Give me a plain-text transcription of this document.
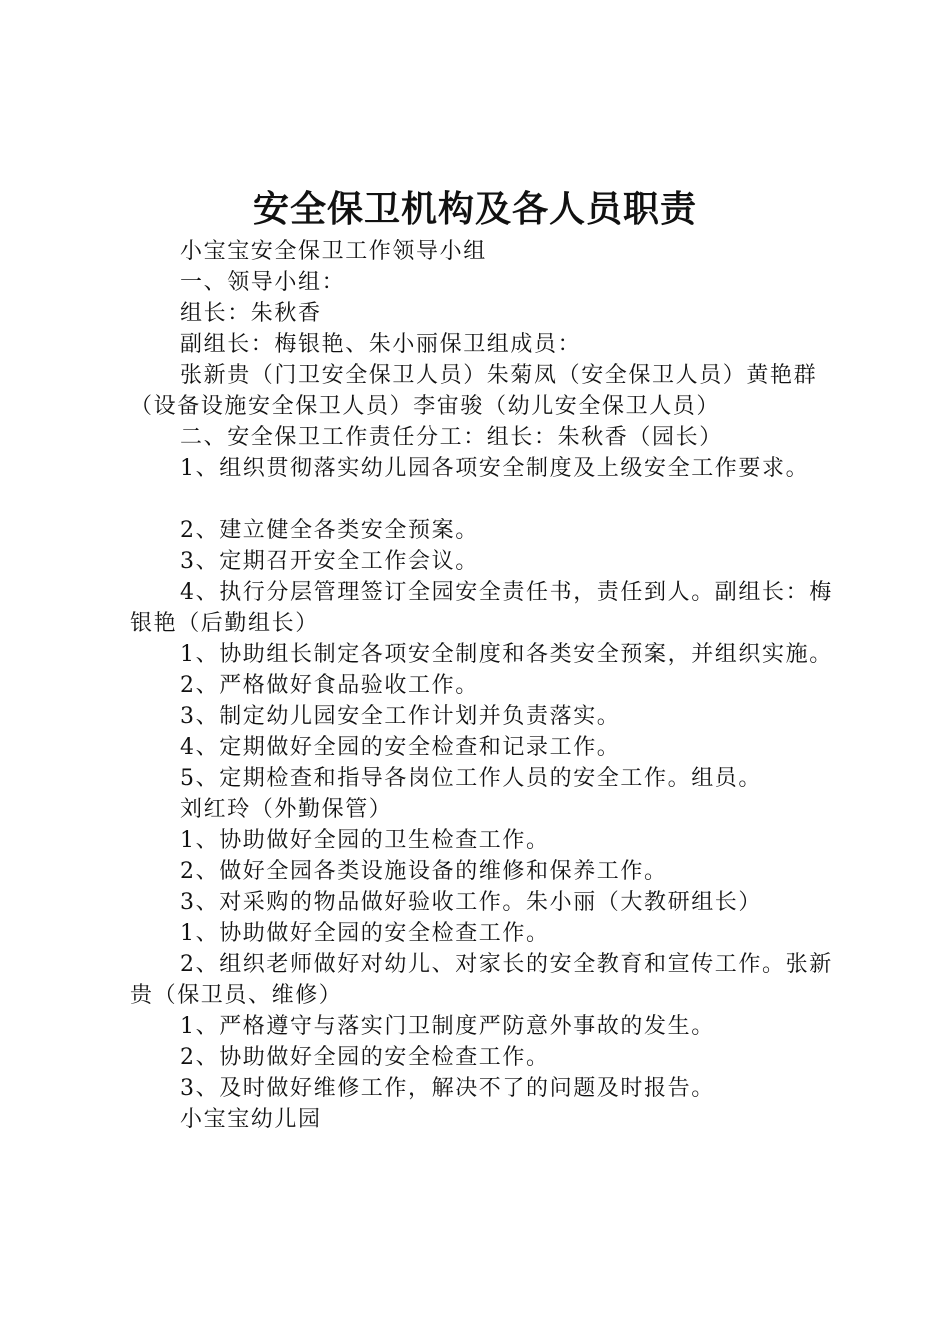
安全保卫机构及各人员职责

小宝宝安全保卫工作领导小组

一、领导小组：

组长：朱秋香

副组长：梅银艳、朱小丽保卫组成员：

张新贵（门卫安全保卫人员）朱菊凤（安全保卫人员）黄艳群（设备设施安全保卫人员）李宙骏（幼儿安全保卫人员）

二、安全保卫工作责任分工：组长：朱秋香（园长）

1、组织贯彻落实幼儿园各项安全制度及上级安全工作要求。

2、建立健全各类安全预案。

3、定期召开安全工作会议。

4、执行分层管理签订全园安全责任书，责任到人。副组长：梅银艳（后勤组长）

1、协助组长制定各项安全制度和各类安全预案，并组织实施。

2、严格做好食品验收工作。

3、制定幼儿园安全工作计划并负责落实。

4、定期做好全园的安全检查和记录工作。

5、定期检查和指导各岗位工作人员的安全工作。组员。

刘红玲（外勤保管）

1、协助做好全园的卫生检查工作。

2、做好全园各类设施设备的维修和保养工作。

3、对采购的物品做好验收工作。朱小丽（大教研组长）

1、协助做好全园的安全检查工作。

2、组织老师做好对幼儿、对家长的安全教育和宣传工作。张新贵（保卫员、维修）

1、严格遵守与落实门卫制度严防意外事故的发生。

2、协助做好全园的安全检查工作。

3、及时做好维修工作，解决不了的问题及时报告。

小宝宝幼儿园
